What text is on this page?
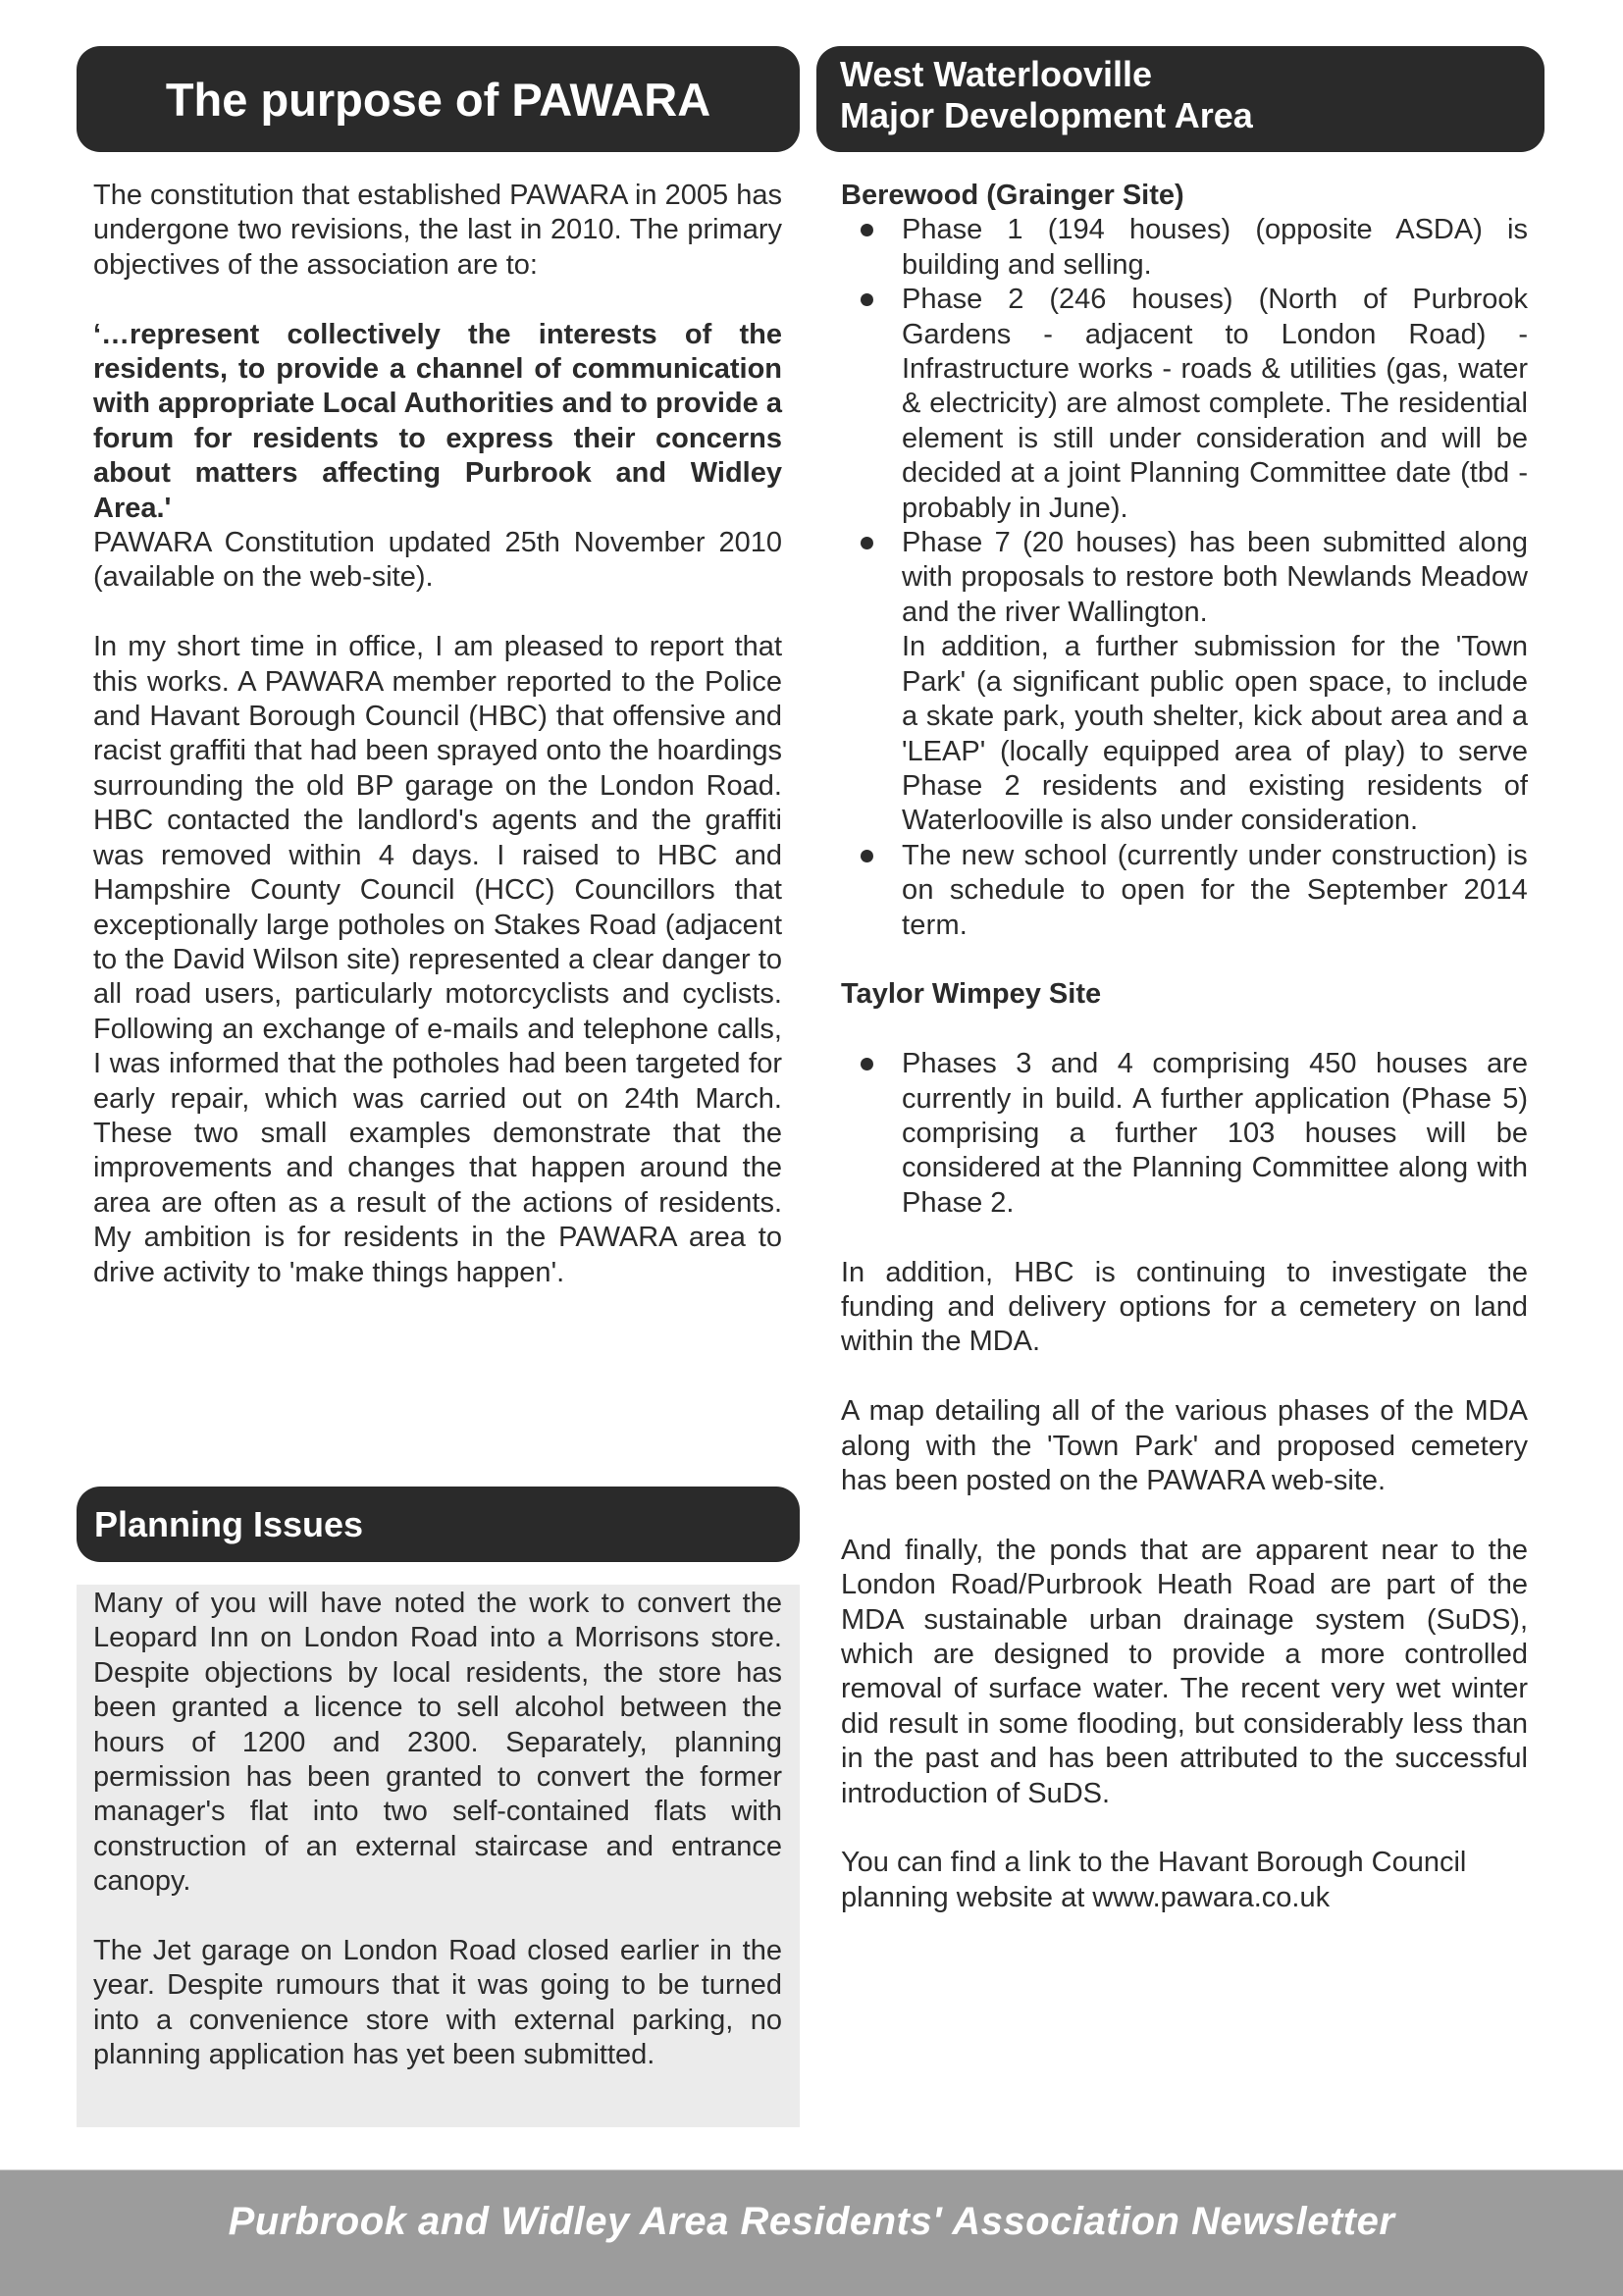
The purpose of PAWARA

The constitution that established PAWARA in 2005 has undergone two revisions, the last in 2010. The primary objectives of the association are to:

‘…represent collectively the interests of the residents, to provide a channel of communication with appropriate Local Authorities and to provide a forum for residents to express their concerns about matters affecting Purbrook and Widley Area.'

PAWARA Constitution updated 25th November 2010 (available on the web-site).

In my short time in office, I am pleased to report that this works. A PAWARA member reported to the Police and Havant Borough Council (HBC) that offensive and racist graffiti that had been sprayed onto the hoardings surrounding the old BP garage on the London Road. HBC contacted the landlord's agents and the graffiti was removed within 4 days. I raised to HBC and Hampshire County Council (HCC) Councillors that exceptionally large potholes on Stakes Road (adjacent to the David Wilson site) represented a clear danger to all road users, particularly motorcyclists and cyclists. Following an exchange of e-mails and telephone calls, I was informed that the potholes had been targeted for early repair, which was carried out on 24th March. These two small examples demonstrate that the improvements and changes that happen around the area are often as a result of the actions of residents. My ambition is for residents in the PAWARA area to drive activity to 'make things happen'.

Planning Issues

Many of you will have noted the work to convert the Leopard Inn on London Road into a Morrisons store. Despite objections by local residents, the store has been granted a licence to sell alcohol between the hours of 1200 and 2300. Separately, planning permission has been granted to convert the former manager's flat into two self-contained flats with construction of an external staircase and entrance canopy.

The Jet garage on London Road closed earlier in the year. Despite rumours that it was going to be turned into a convenience store with external parking, no planning application has yet been submitted.

West Waterlooville
Major Development Area

Berewood (Grainger Site)

Phase 1 (194 houses) (opposite ASDA) is building and selling.
Phase 2 (246 houses) (North of Purbrook Gardens - adjacent to London Road) - Infrastructure works - roads & utilities (gas, water & electricity) are almost complete. The residential element is still under consideration and will be decided at a joint Planning Committee date (tbd - probably in June).
Phase 7 (20 houses) has been submitted along with proposals to restore both Newlands Meadow and the river Wallington.
In addition, a further submission for the 'Town Park' (a significant public open space, to include a skate park, youth shelter, kick about area and a 'LEAP' (locally equipped area of play) to serve Phase 2 residents and existing residents of Waterlooville is also under consideration.
The new school (currently under construction) is on schedule to open for the September 2014 term.

Taylor Wimpey Site

Phases 3 and 4 comprising 450 houses are currently in build. A further application (Phase 5) comprising a further 103 houses will be considered at the Planning Committee along with Phase 2.

In addition, HBC is continuing to investigate the funding and delivery options for a cemetery on land within the MDA.

A map detailing all of the various phases of the MDA along with the 'Town Park' and proposed cemetery has been posted on the PAWARA web-site.

And finally, the ponds that are apparent near to the London Road/Purbrook Heath Road are part of the MDA sustainable urban drainage system (SuDS), which are designed to provide a more controlled removal of surface water. The recent very wet winter did result in some flooding, but considerably less than in the past and has been attributed to the successful introduction of SuDS.

You can find a link to the Havant Borough Council planning website at www.pawara.co.uk

Purbrook and Widley Area Residents' Association Newsletter
